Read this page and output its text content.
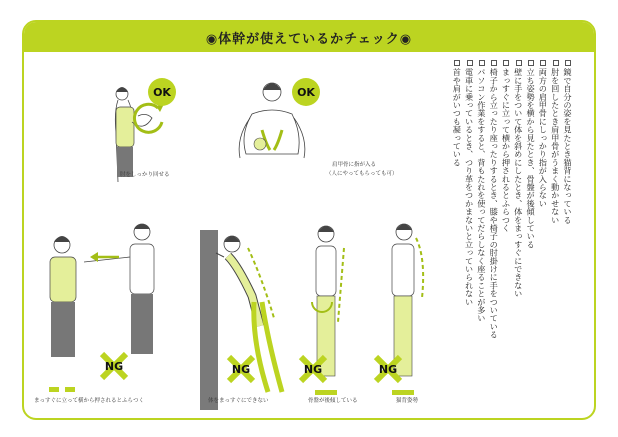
◉体幹が使えているかチェック◉
OK	OK
NG	NG	NG	NG
肘をしっかり回せる
肩甲骨に指が入る
（人にやってもらっても可）
まっすぐに立って横から押されるとふらつく	体をまっすぐにできない	骨盤が後傾している	猫背姿勢
鏡で自分の姿を見たとき猫背になっている
肘を回したとき肩甲骨がうまく動かせない
両方の肩甲骨にしっかり指が入らない
立ち姿勢を横から見たとき、骨盤が後傾している
壁に手をついて体を斜めにしたとき、体をまっすぐにできない
まっすぐに立って横から押されるとふらつく
椅子から立ったり座ったりするとき、膝や椅子の肘掛けに手をついている
パソコン作業をすると、背もたれを使ってだらしなく座ることが多い
電車に乗っているとき、つり革をつかまないと立っていられない
首や肩がいつも凝っている
